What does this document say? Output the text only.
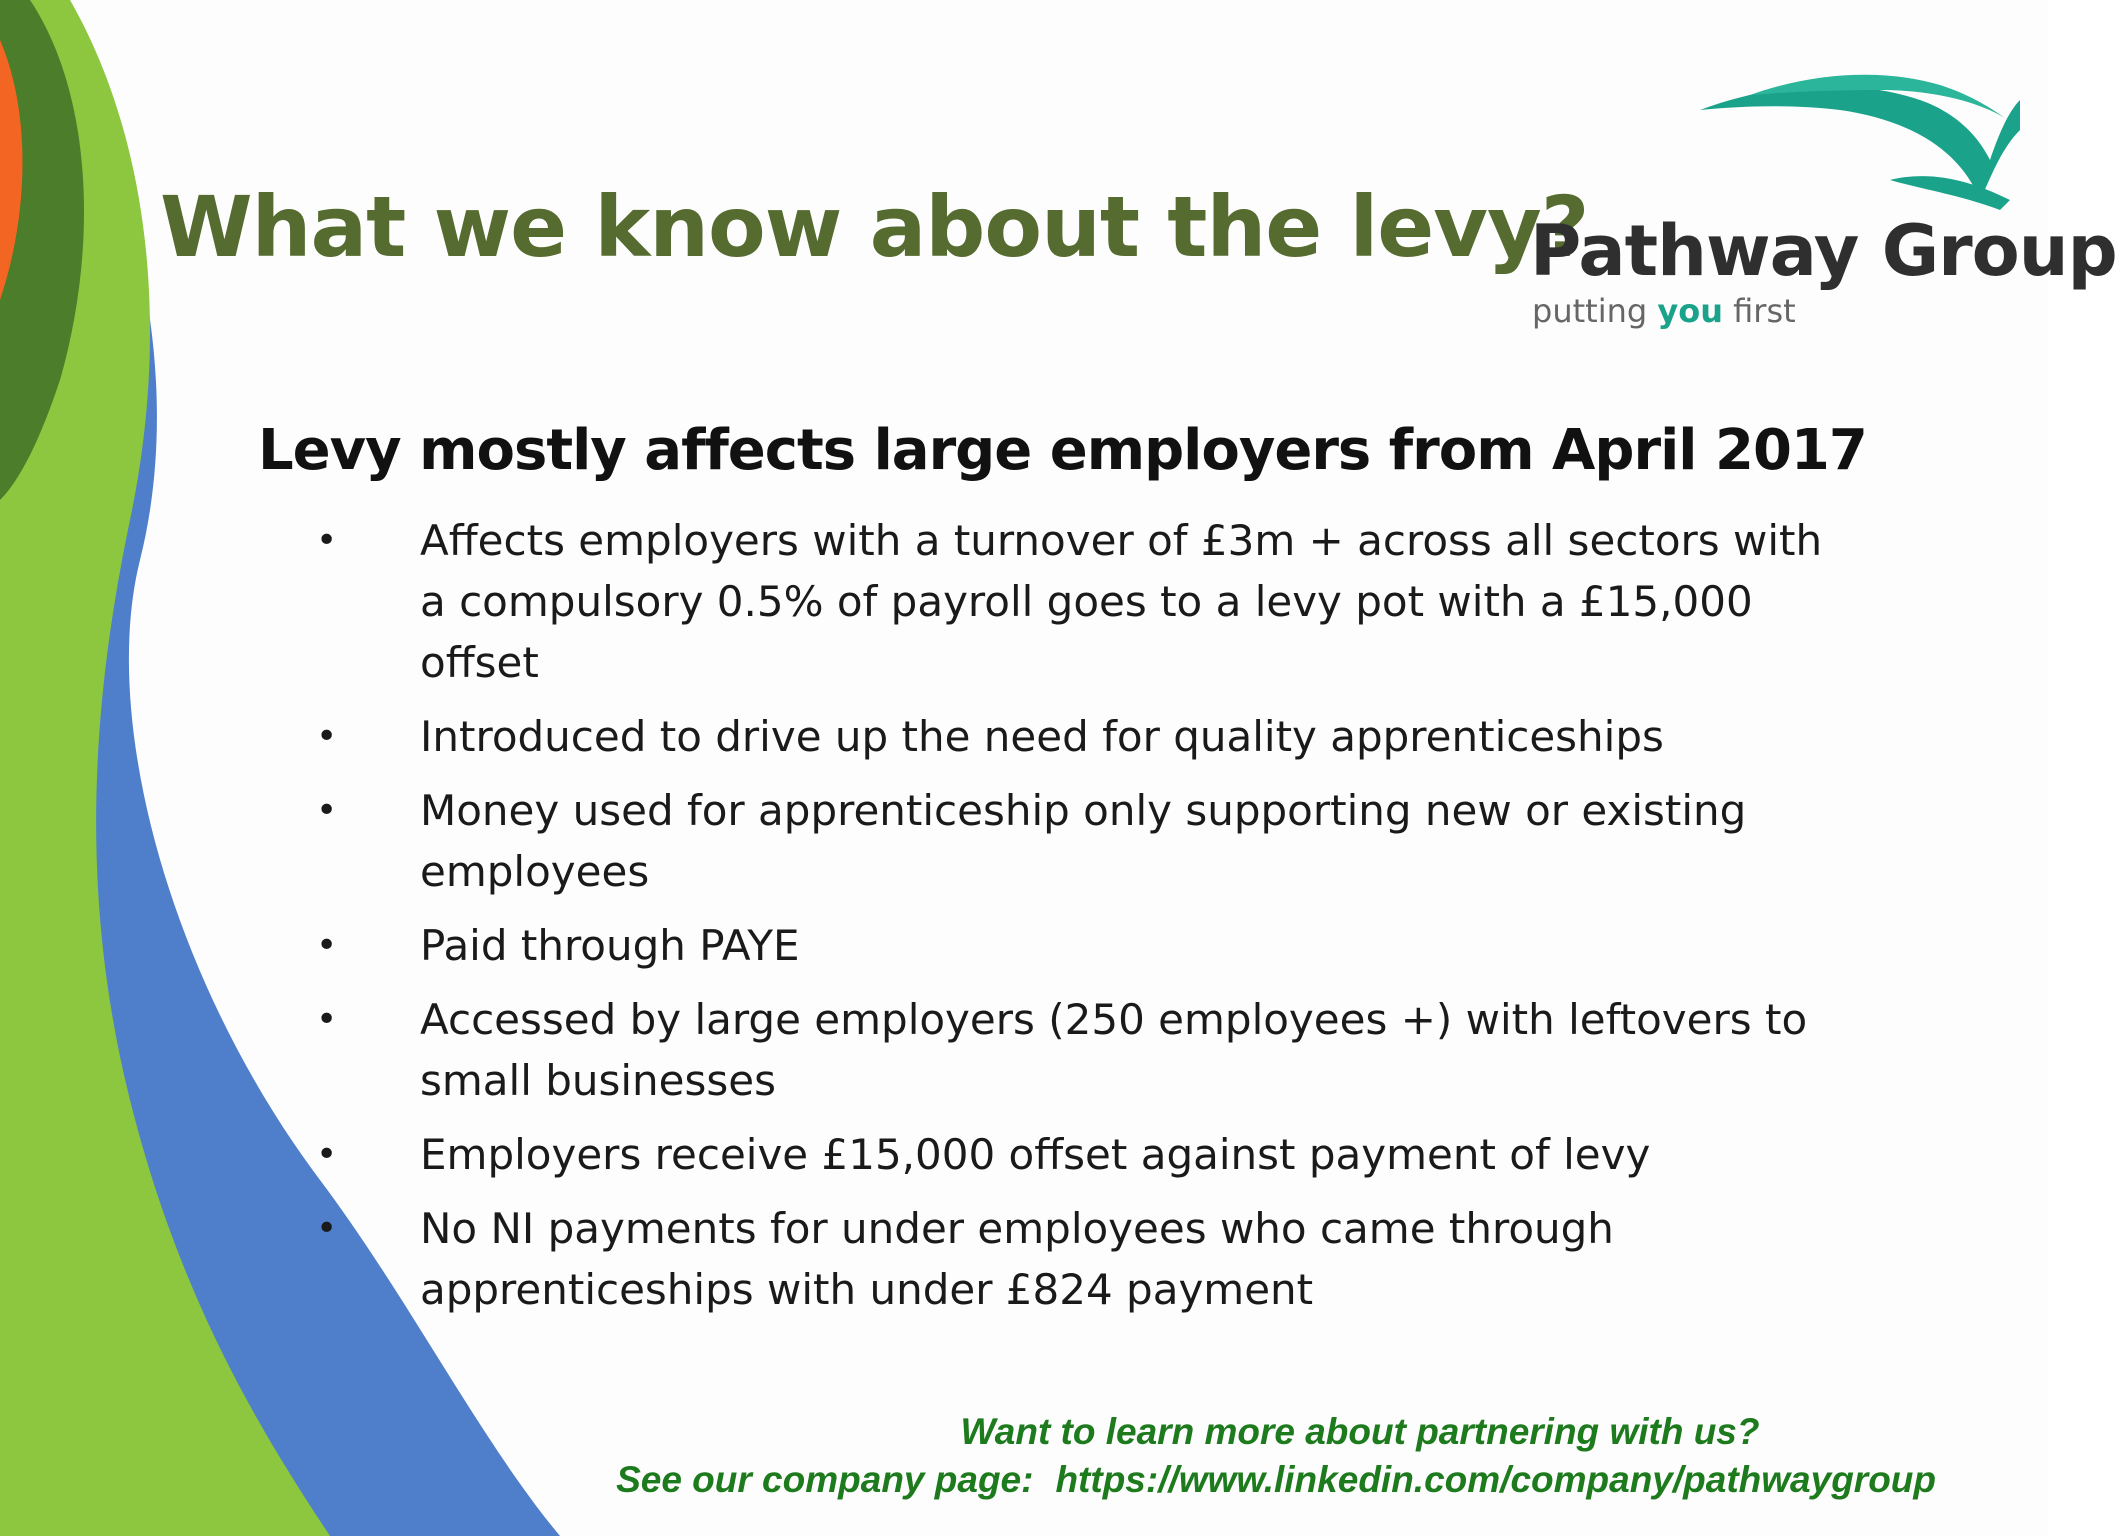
What we know about the levy?
Pathway Group
putting you first
Levy mostly affects large employers from April 2017
• Affects employers with a turnover of £3m + across all sectors with a compulsory 0.5% of payroll goes to a levy pot with a £15,000 offset
• Introduced to drive up the need for quality apprenticeships
• Money used for apprenticeship only supporting new or existing employees
• Paid through PAYE
• Accessed by large employers (250 employees +) with leftovers to small businesses
• Employers receive £15,000 offset against payment of levy
• No NI payments for under employees who came through apprenticeships with under £824 payment
Want to learn more about partnering with us?
See our company page: https://www.linkedin.com/company/pathwaygroup
